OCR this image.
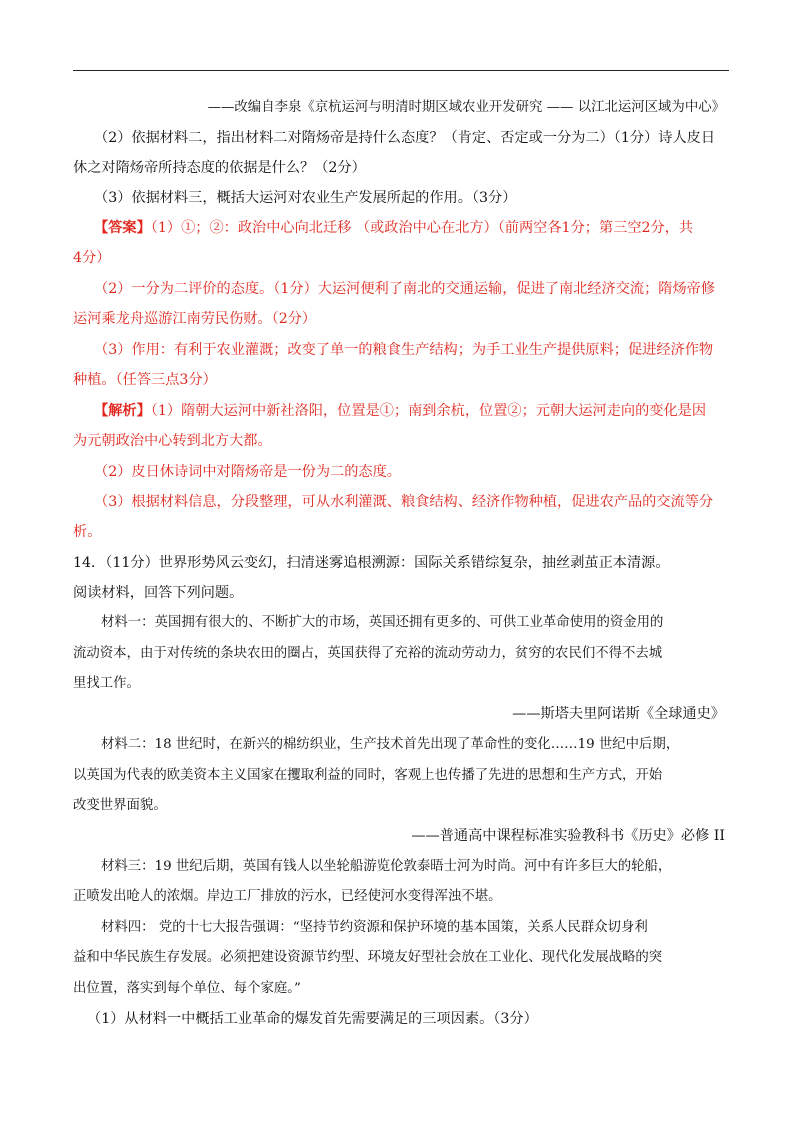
——改编自李泉《京杭运河与明清时期区域农业开发研究 —— 以江北运河区域为中心》
（2）依据材料二，指出材料二对隋炀帝是持什么态度？（肯定、否定或一分为二）（1分）诗人皮日
休之对隋炀帝所持态度的依据是什么？（2分）
（3）依据材料三，概括大运河对农业生产发展所起的作用。（3分）
【答案】（1）①；②：政治中心向北迁移 （或政治中心在北方）（前两空各1分；第三空2分，共
4分）
（2）一分为二评价的态度。（1分）大运河便利了南北的交通运输，促进了南北经济交流；隋炀帝修
运河乘龙舟巡游江南劳民伤财。（2分）
（3）作用：有利于农业灌溉；改变了单一的粮食生产结构；为手工业生产提供原料；促进经济作物
种植。（任答三点3分）
【解析】（1）隋朝大运河中新社洛阳，位置是①；南到余杭，位置②；元朝大运河走向的变化是因
为元朝政治中心转到北方大都。
（2）皮日休诗词中对隋炀帝是一份为二的态度。
（3）根据材料信息，分段整理，可从水利灌溉、粮食结构、经济作物种植，促进农产品的交流等分
析。
14．（11分）世界形势风云变幻，扫清迷雾追根溯源：国际关系错综复杂，抽丝剥茧正本清源。
阅读材料，回答下列问题。
材料一：英国拥有很大的、不断扩大的市场，英国还拥有更多的、可供工业革命使用的资金用的
流动资本，由于对传统的条块农田的圈占，英国获得了充裕的流动劳动力，贫穷的农民们不得不去城
里找工作。
——斯塔夫里阿诺斯《全球通史》
材料二：18 世纪时，在新兴的棉纺织业，生产技术首先出现了革命性的变化……19 世纪中后期，
以英国为代表的欧美资本主义国家在攫取利益的同时，客观上也传播了先进的思想和生产方式，开始
改变世界面貌。
——普通高中课程标准实验教科书《历史》必修 II
材料三：19 世纪后期，英国有钱人以坐轮船游览伦敦泰晤士河为时尚。河中有许多巨大的轮船，
正喷发出呛人的浓烟。岸边工厂排放的污水，已经使河水变得浑浊不堪。
材料四： 党的十七大报告强调：“坚持节约资源和保护环境的基本国策，关系人民群众切身利
益和中华民族生存发展。必须把建设资源节约型、环境友好型社会放在工业化、现代化发展战略的突
出位置，落实到每个单位、每个家庭。”
（1）从材料一中概括工业革命的爆发首先需要满足的三项因素。（3分）
